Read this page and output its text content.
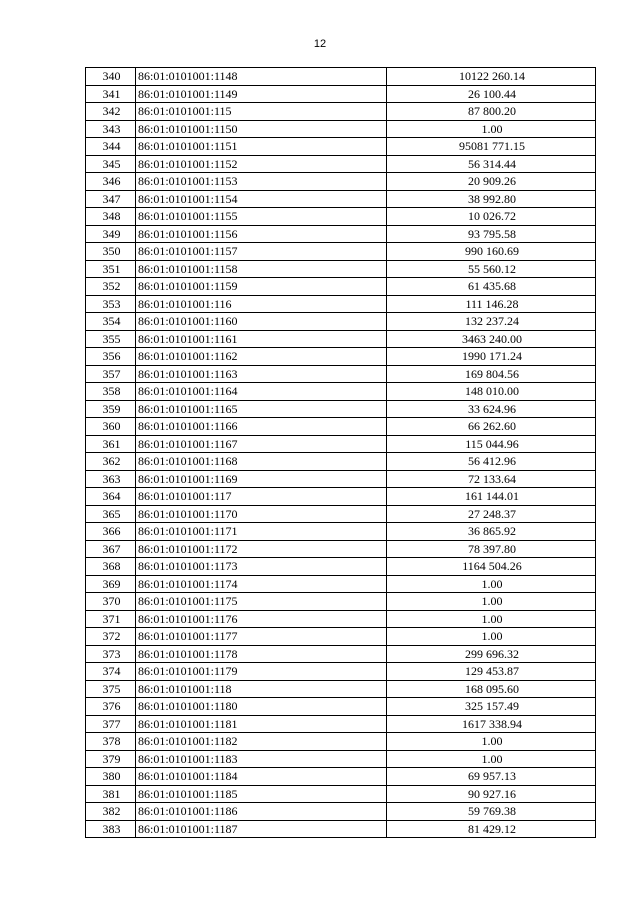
12
340	86:01:0101001:1148	10122 260.14
341	86:01:0101001:1149	26 100.44
342	86:01:0101001:115	87 800.20
343	86:01:0101001:1150	1.00
344	86:01:0101001:1151	95081 771.15
345	86:01:0101001:1152	56 314.44
346	86:01:0101001:1153	20 909.26
347	86:01:0101001:1154	38 992.80
348	86:01:0101001:1155	10 026.72
349	86:01:0101001:1156	93 795.58
350	86:01:0101001:1157	990 160.69
351	86:01:0101001:1158	55 560.12
352	86:01:0101001:1159	61 435.68
353	86:01:0101001:116	111 146.28
354	86:01:0101001:1160	132 237.24
355	86:01:0101001:1161	3463 240.00
356	86:01:0101001:1162	1990 171.24
357	86:01:0101001:1163	169 804.56
358	86:01:0101001:1164	148 010.00
359	86:01:0101001:1165	33 624.96
360	86:01:0101001:1166	66 262.60
361	86:01:0101001:1167	115 044.96
362	86:01:0101001:1168	56 412.96
363	86:01:0101001:1169	72 133.64
364	86:01:0101001:117	161 144.01
365	86:01:0101001:1170	27 248.37
366	86:01:0101001:1171	36 865.92
367	86:01:0101001:1172	78 397.80
368	86:01:0101001:1173	1164 504.26
369	86:01:0101001:1174	1.00
370	86:01:0101001:1175	1.00
371	86:01:0101001:1176	1.00
372	86:01:0101001:1177	1.00
373	86:01:0101001:1178	299 696.32
374	86:01:0101001:1179	129 453.87
375	86:01:0101001:118	168 095.60
376	86:01:0101001:1180	325 157.49
377	86:01:0101001:1181	1617 338.94
378	86:01:0101001:1182	1.00
379	86:01:0101001:1183	1.00
380	86:01:0101001:1184	69 957.13
381	86:01:0101001:1185	90 927.16
382	86:01:0101001:1186	59 769.38
383	86:01:0101001:1187	81 429.12
